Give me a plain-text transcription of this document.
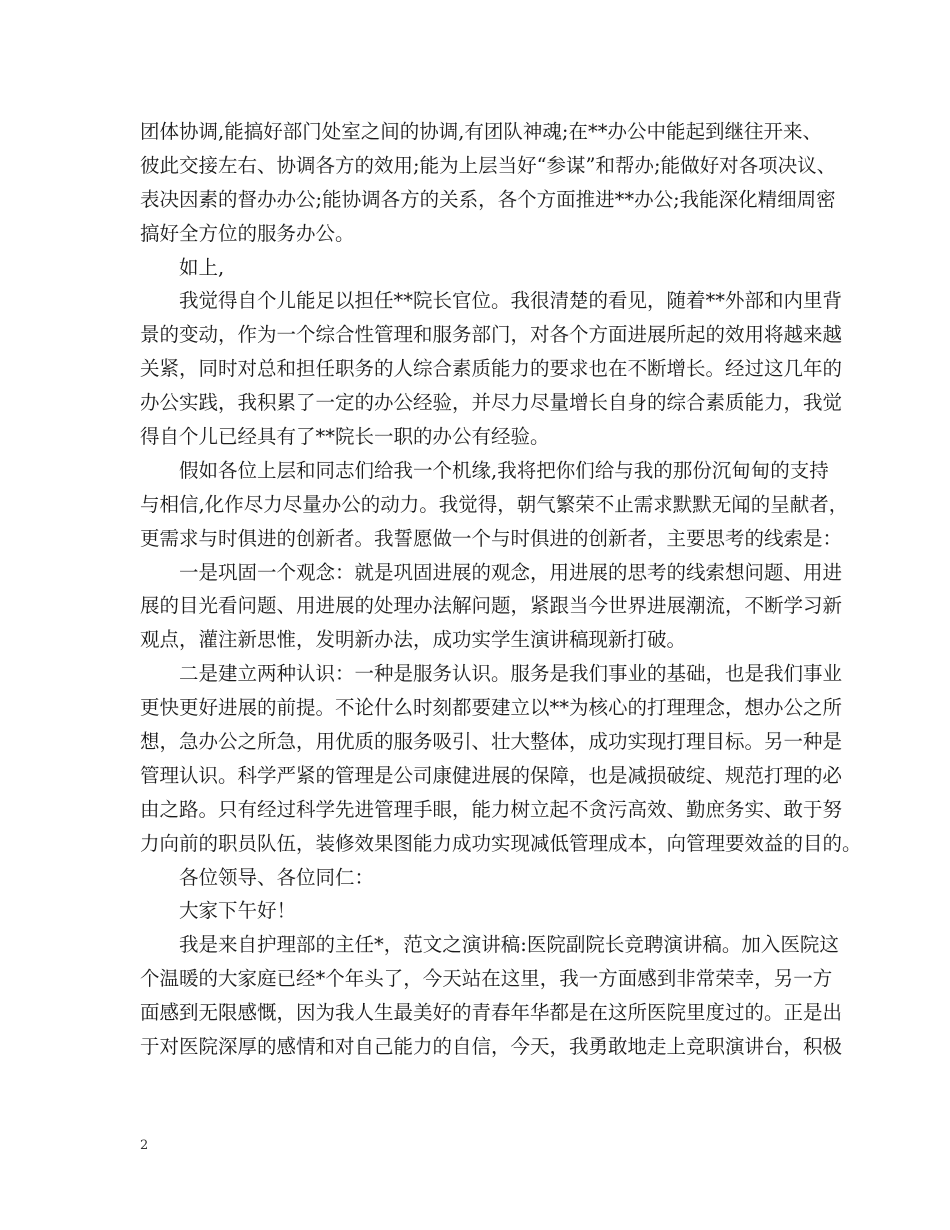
团体协调,能搞好部门处室之间的协调,有团队神魂;在**办公中能起到继往开来、
彼此交接左右、协调各方的效用;能为上层当好“参谋”和帮办;能做好对各项决议、
表决因素的督办办公;能协调各方的关系，各个方面推进**办公;我能深化精细周密
搞好全方位的服务办公。
如上,
我觉得自个儿能足以担任**院长官位。我很清楚的看见，随着**外部和内里背
景的变动，作为一个综合性管理和服务部门，对各个方面进展所起的效用将越来越
关紧，同时对总和担任职务的人综合素质能力的要求也在不断增长。经过这几年的
办公实践，我积累了一定的办公经验，并尽力尽量增长自身的综合素质能力，我觉
得自个儿已经具有了**院长一职的办公有经验。
假如各位上层和同志们给我一个机缘,我将把你们给与我的那份沉甸甸的支持
与相信,化作尽力尽量办公的动力。我觉得，朝气繁荣不止需求默默无闻的呈献者，
更需求与时俱进的创新者。我誓愿做一个与时俱进的创新者，主要思考的线索是：
一是巩固一个观念：就是巩固进展的观念，用进展的思考的线索想问题、用进
展的目光看问题、用进展的处理办法解问题，紧跟当今世界进展潮流，不断学习新
观点，灌注新思惟，发明新办法，成功实学生演讲稿现新打破。
二是建立两种认识：一种是服务认识。服务是我们事业的基础，也是我们事业
更快更好进展的前提。不论什么时刻都要建立以**为核心的打理理念，想办公之所
想，急办公之所急，用优质的服务吸引、壮大整体，成功实现打理目标。另一种是
管理认识。科学严紧的管理是公司康健进展的保障，也是减损破绽、规范打理的必
由之路。只有经过科学先进管理手眼，能力树立起不贪污高效、勤庶务实、敢于努
力向前的职员队伍，装修效果图能力成功实现减低管理成本，向管理要效益的目的。
各位领导、各位同仁：
大家下午好！
我是来自护理部的主任*，范文之演讲稿:医院副院长竞聘演讲稿。加入医院这
个温暖的大家庭已经*个年头了，今天站在这里，我一方面感到非常荣幸，另一方
面感到无限感慨，因为我人生最美好的青春年华都是在这所医院里度过的。正是出
于对医院深厚的感情和对自己能力的自信，今天，我勇敢地走上竞职演讲台，积极
2
